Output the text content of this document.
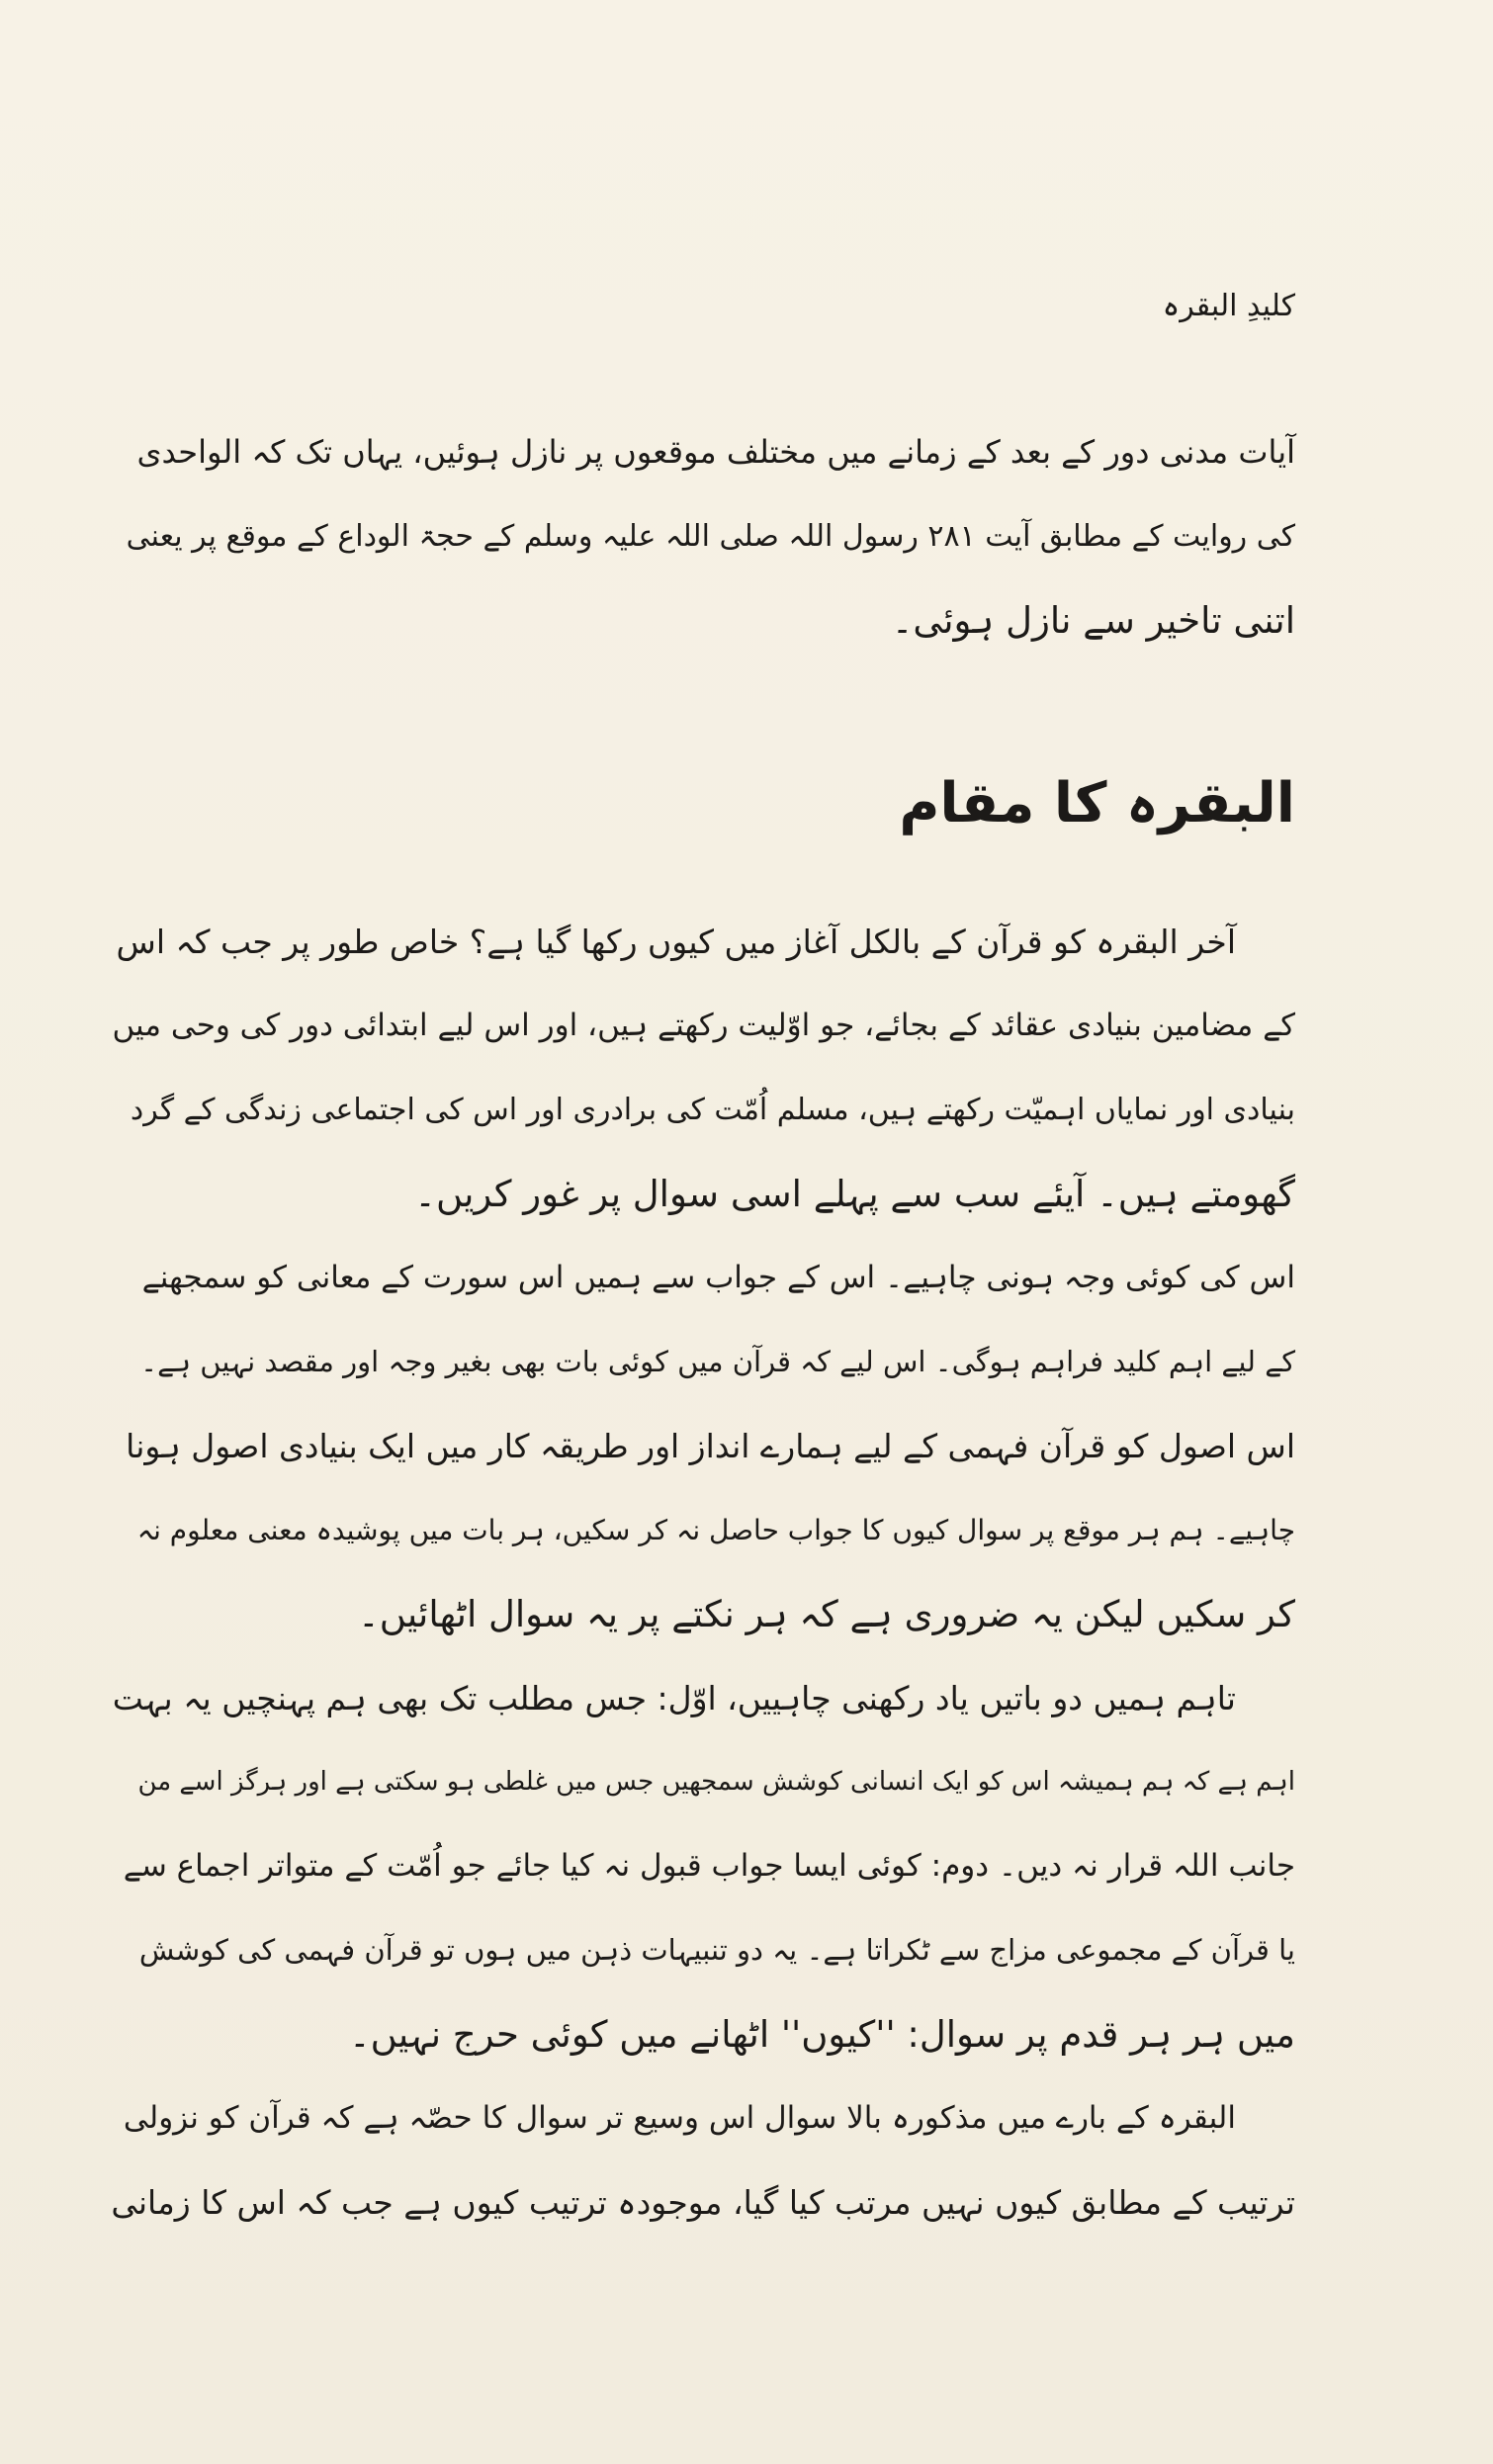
کلیدِ البقرہ
آیات مدنی دور کے بعد کے زمانے میں مختلف موقعوں پر نازل ہوئیں، یہاں تک کہ الواحدی
کی روایت کے مطابق آیت ۲۸۱ رسول اللہ صلی اللہ علیہ وسلم کے حجۃ الوداع کے موقع پر یعنی
اتنی تاخیر سے نازل ہوئی۔
البقرہ کا مقام
آخر البقرہ کو قرآن کے بالکل آغاز میں کیوں رکھا گیا ہے؟ خاص طور پر جب کہ اس
کے مضامین بنیادی عقائد کے بجائے، جو اوّلیت رکھتے ہیں، اور اس لیے ابتدائی دور کی وحی میں
بنیادی اور نمایاں اہمیّت رکھتے ہیں، مسلم اُمّت کی برادری اور اس کی اجتماعی زندگی کے گرد
گھومتے ہیں۔ آیئے سب سے پہلے اسی سوال پر غور کریں۔
اس کی کوئی وجہ ہونی چاہیے۔ اس کے جواب سے ہمیں اس سورت کے معانی کو سمجھنے
کے لیے اہم کلید فراہم ہوگی۔ اس لیے کہ قرآن میں کوئی بات بھی بغیر وجہ اور مقصد نہیں ہے۔
اس اصول کو قرآن فہمی کے لیے ہمارے انداز اور طریقہ کار میں ایک بنیادی اصول ہونا
چاہیے۔ ہم ہر موقع پر سوال کیوں کا جواب حاصل نہ کر سکیں، ہر بات میں پوشیدہ معنی معلوم نہ
کر سکیں لیکن یہ ضروری ہے کہ ہر نکتے پر یہ سوال اٹھائیں۔
تاہم ہمیں دو باتیں یاد رکھنی چاہییں، اوّل: جس مطلب تک بھی ہم پہنچیں یہ بہت
اہم ہے کہ ہم ہمیشہ اس کو ایک انسانی کوشش سمجھیں جس میں غلطی ہو سکتی ہے اور ہرگز اسے من
جانب اللہ قرار نہ دیں۔ دوم: کوئی ایسا جواب قبول نہ کیا جائے جو اُمّت کے متواتر اجماع سے
یا قرآن کے مجموعی مزاج سے ٹکراتا ہے۔ یہ دو تنبیہات ذہن میں ہوں تو قرآن فہمی کی کوشش
میں ہر ہر قدم پر سوال: ''کیوں'' اٹھانے میں کوئی حرج نہیں۔
البقرہ کے بارے میں مذکورہ بالا سوال اس وسیع تر سوال کا حصّہ ہے کہ قرآن کو نزولی
ترتیب کے مطابق کیوں نہیں مرتب کیا گیا، موجودہ ترتیب کیوں ہے جب کہ اس کا زمانی
